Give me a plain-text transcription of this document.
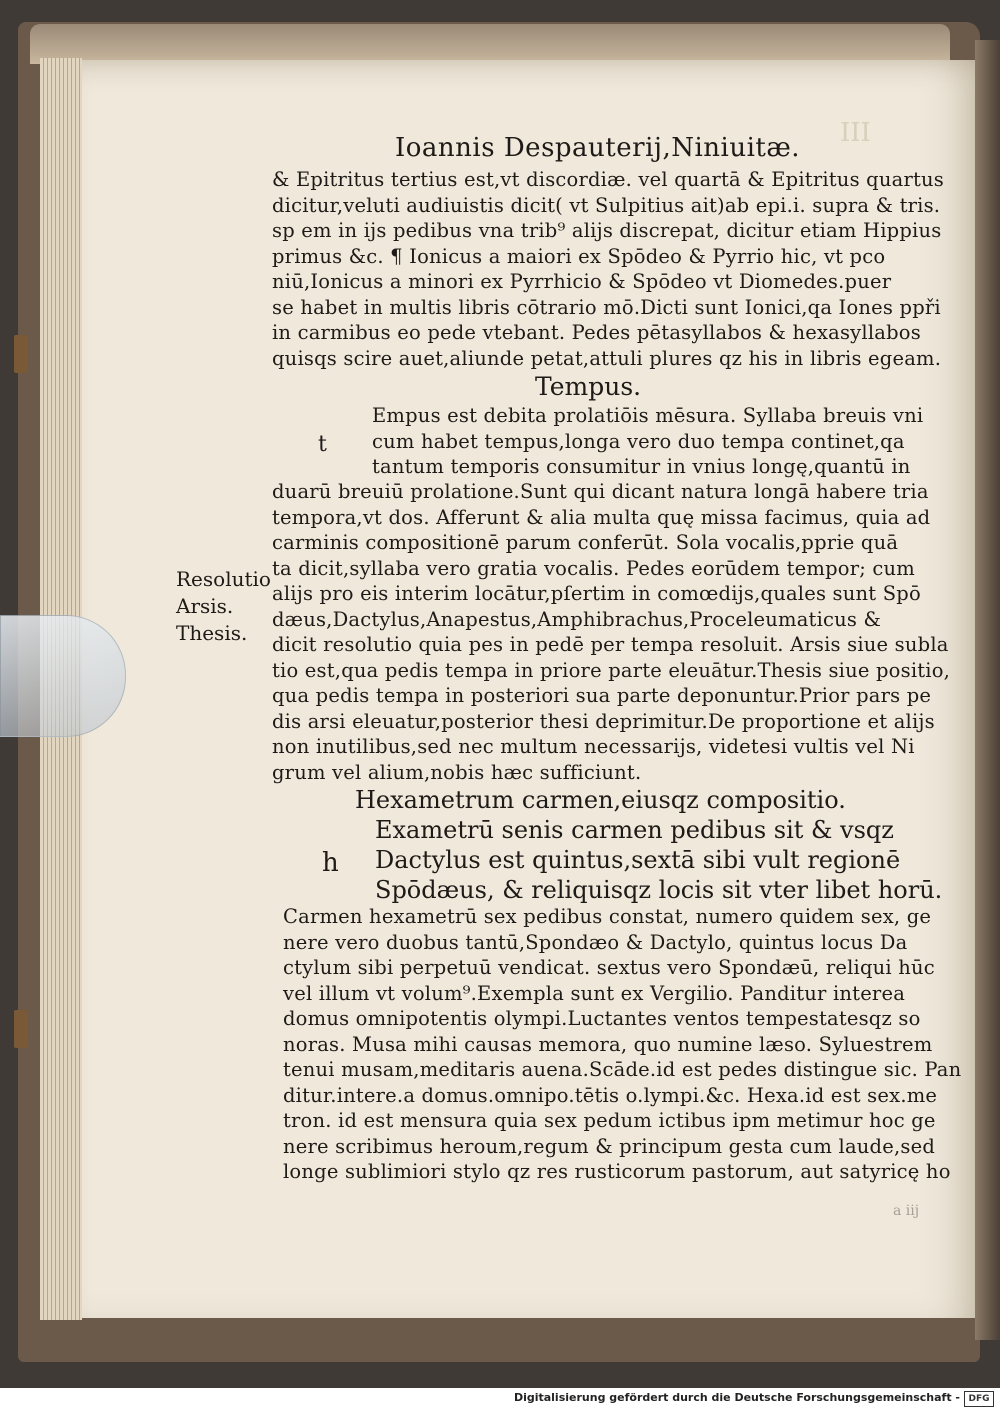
III
Ioannis Despauterij,Niniuitæ.
& Epitritus tertius est,vt discordiæ. vel quartā & Epitritus quartus
dicitur,veluti audiuistis dicit( vt Sulpitius ait)ab epi.i. supra & tris.
sp em in ijs pedibus vna trib⁹ alijs discrepat, dicitur etiam Hippius
primus &c. ¶ Ionicus a maiori ex Spōdeo & Pyrrio hic, vt pco
niū,Ionicus a minori ex Pyrrhicio & Spōdeo vt Diomedes.puer
se habet in multis libris cōtrario mō.Dicti sunt Ionici,qa Iones ppři
in carmibus eo pede vtebant. Pedes pētasyllabos & hexasyllabos
quisqs scire auet,aliunde petat,attuli plures qz his in libris egeam.
Tempus.
t
Empus est debita prolatiōis mēsura. Syllaba breuis vni
cum habet tempus,longa vero duo tempa continet,qa
tantum temporis consumitur in vnius longę,quantū in
duarū breuiū prolatione.Sunt qui dicant natura longā habere tria
tempora,vt dos. Afferunt & alia multa quę missa facimus, quia ad
carminis compositionē parum conferūt. Sola vocalis,pprie quā
ta dicit,syllaba vero gratia vocalis. Pedes eorūdem tempor; cum
alijs pro eis interim locātur,pſertim in comœdijs,quales sunt Spō
dæus,Dactylus,Anapestus,Amphibrachus,Proceleumaticus &
dicit resolutio quia pes in pedē per tempa resoluit. Arsis siue subla
tio est,qua pedis tempa in priore parte eleuātur.Thesis siue positio,
qua pedis tempa in posteriori sua parte deponuntur.Prior pars pe
dis arsi eleuatur,posterior thesi deprimitur.De proportione et alijs
non inutilibus,sed nec multum necessarijs, videtesi vultis vel Ni
grum vel alium,nobis hæc sufficiunt.
Resolutio
Arsis.
Thesis.
Hexametrum carmen,eiusqz compositio.
h
Exametrū senis carmen pedibus sit & vsqz
Dactylus est quintus,sextā sibi vult regionē
Spōdæus, & reliquisqz locis sit vter libet horū.
Carmen hexametrū sex pedibus constat, numero quidem sex, ge
nere vero duobus tantū,Spondæo & Dactylo, quintus locus Da
ctylum sibi perpetuū vendicat. sextus vero Spondæū, reliqui hūc
vel illum vt volum⁹.Exempla sunt ex Vergilio. Panditur interea
domus omnipotentis olympi.Luctantes ventos tempestatesqz so
noras. Musa mihi causas memora, quo numine læso. Syluestrem
tenui musam,meditaris auena.Scāde.id est pedes distingue sic. Pan
ditur.intere.a domus.omnipo.tētis o.lympi.&c. Hexa.id est sex.me
tron. id est mensura quia sex pedum ictibus ipm metimur hoc ge
nere scribimus heroum,regum & principum gesta cum laude,sed
longe sublimiori stylo qz res rusticorum pastorum, aut satyricę ho
a iij
Digitalisierung gefördert durch die Deutsche Forschungsgemeinschaft - DFG
